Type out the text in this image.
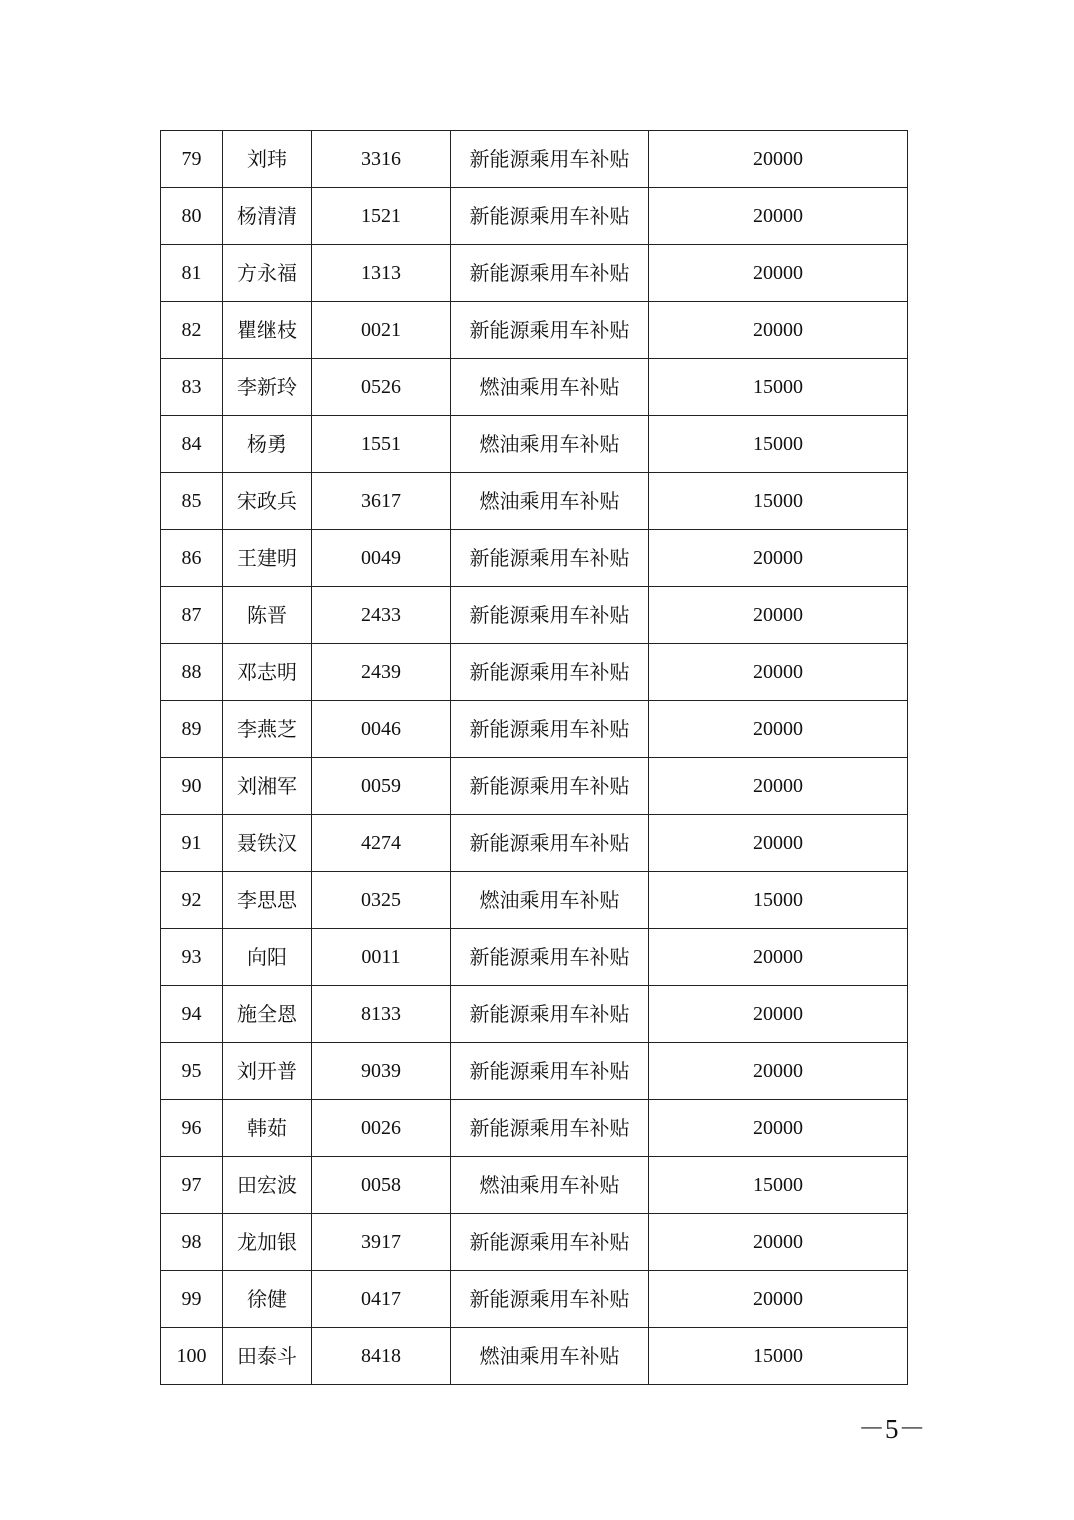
79	刘玮	3316	新能源乘用车补贴	20000
80	杨清清	1521	新能源乘用车补贴	20000
81	方永福	1313	新能源乘用车补贴	20000
82	瞿继枝	0021	新能源乘用车补贴	20000
83	李新玲	0526	燃油乘用车补贴	15000
84	杨勇	1551	燃油乘用车补贴	15000
85	宋政兵	3617	燃油乘用车补贴	15000
86	王建明	0049	新能源乘用车补贴	20000
87	陈晋	2433	新能源乘用车补贴	20000
88	邓志明	2439	新能源乘用车补贴	20000
89	李燕芝	0046	新能源乘用车补贴	20000
90	刘湘军	0059	新能源乘用车补贴	20000
91	聂铁汉	4274	新能源乘用车补贴	20000
92	李思思	0325	燃油乘用车补贴	15000
93	向阳	0011	新能源乘用车补贴	20000
94	施全恩	8133	新能源乘用车补贴	20000
95	刘开普	9039	新能源乘用车补贴	20000
96	韩茹	0026	新能源乘用车补贴	20000
97	田宏波	0058	燃油乘用车补贴	15000
98	龙加银	3917	新能源乘用车补贴	20000
99	徐健	0417	新能源乘用车补贴	20000
100	田泰斗	8418	燃油乘用车补贴	15000
－5－
